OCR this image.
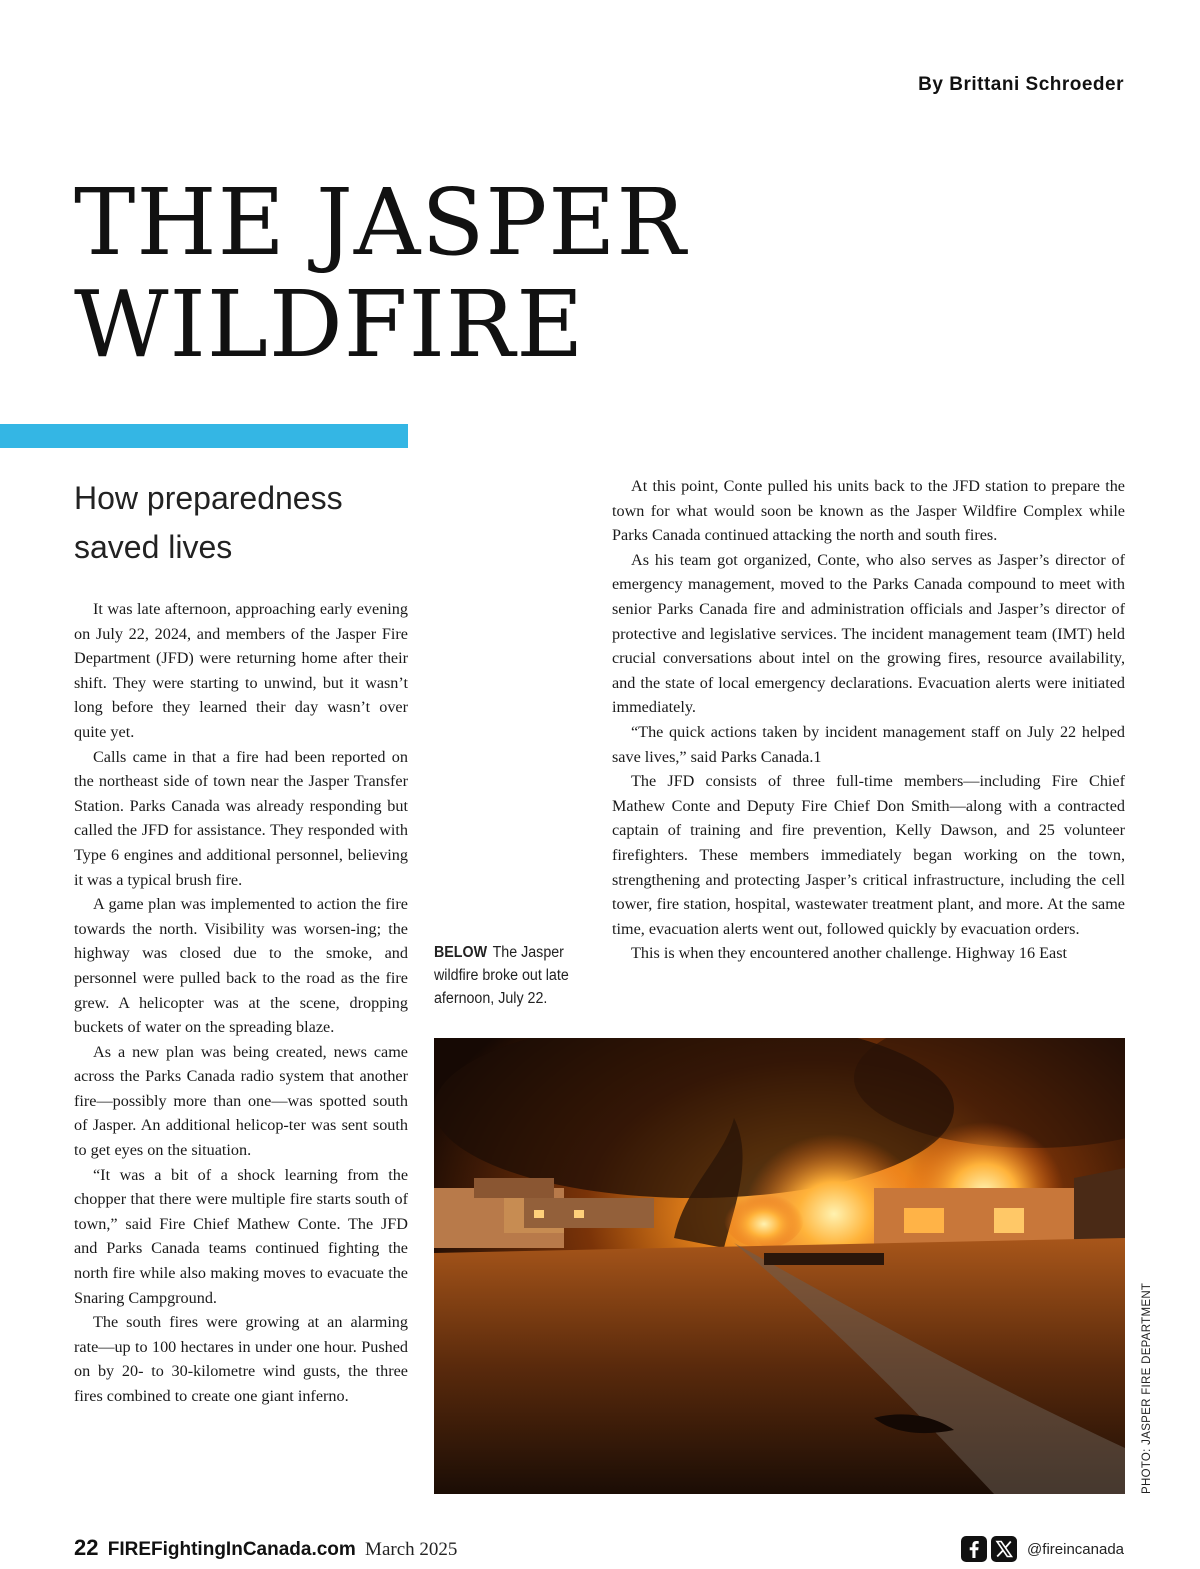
By Brittani Schroeder
THE JASPER
WILDFIRE
How preparedness saved lives

It was late afternoon, approaching early evening on July 22, 2024, and members of the Jasper Fire Department (JFD) were returning home after their shift. They were starting to unwind, but it wasn’t long before they learned their day wasn’t over quite yet.

Calls came in that a fire had been reported on the northeast side of town near the Jasper Transfer Station. Parks Canada was already responding but called the JFD for assistance. They responded with Type 6 engines and additional personnel, believing it was a typical brush fire.

A game plan was implemented to action the fire towards the north. Visibility was worsen-ing; the highway was closed due to the smoke, and personnel were pulled back to the road as the fire grew. A helicopter was at the scene, dropping buckets of water on the spreading blaze.

As a new plan was being created, news came across the Parks Canada radio system that another fire—possibly more than one—was spotted south of Jasper. An additional helicop-ter was sent south to get eyes on the situation.

“It was a bit of a shock learning from the chopper that there were multiple fire starts south of town,” said Fire Chief Mathew Conte. The JFD and Parks Canada teams continued fighting the north fire while also making moves to evacuate the Snaring Campground.

The south fires were growing at an alarming rate—up to 100 hectares in under one hour. Pushed on by 20- to 30-kilometre wind gusts, the three fires combined to create one giant inferno.

At this point, Conte pulled his units back to the JFD station to prepare the town for what would soon be known as the Jasper Wildfire Complex while Parks Canada continued attacking the north and south fires.

As his team got organized, Conte, who also serves as Jasper’s director of emergency management, moved to the Parks Canada compound to meet with senior Parks Canada fire and administration officials and Jasper’s director of protective and legislative services. The incident management team (IMT) held crucial conversations about intel on the growing fires, resource availability, and the state of local emergency declarations. Evacuation alerts were initiated immediately.

“The quick actions taken by incident management staff on July 22 helped save lives,” said Parks Canada.1

The JFD consists of three full-time members—including Fire Chief Mathew Conte and Deputy Fire Chief Don Smith—along with a contracted captain of training and fire prevention, Kelly Dawson, and 25 volunteer firefighters. These members immediately began working on the town, strengthening and protecting Jasper’s critical infrastructure, including the cell tower, fire station, hospital, wastewater treatment plant, and more. At the same time, evacuation alerts went out, followed quickly by evacuation orders.

This is when they encountered another challenge. Highway 16 East

BELOW The Jasper wildfire broke out late afernoon, July 22.
PHOTO: JASPER FIRE DEPARTMENT
22 FIREFightingInCanada.com March 2025	@fireincanada
